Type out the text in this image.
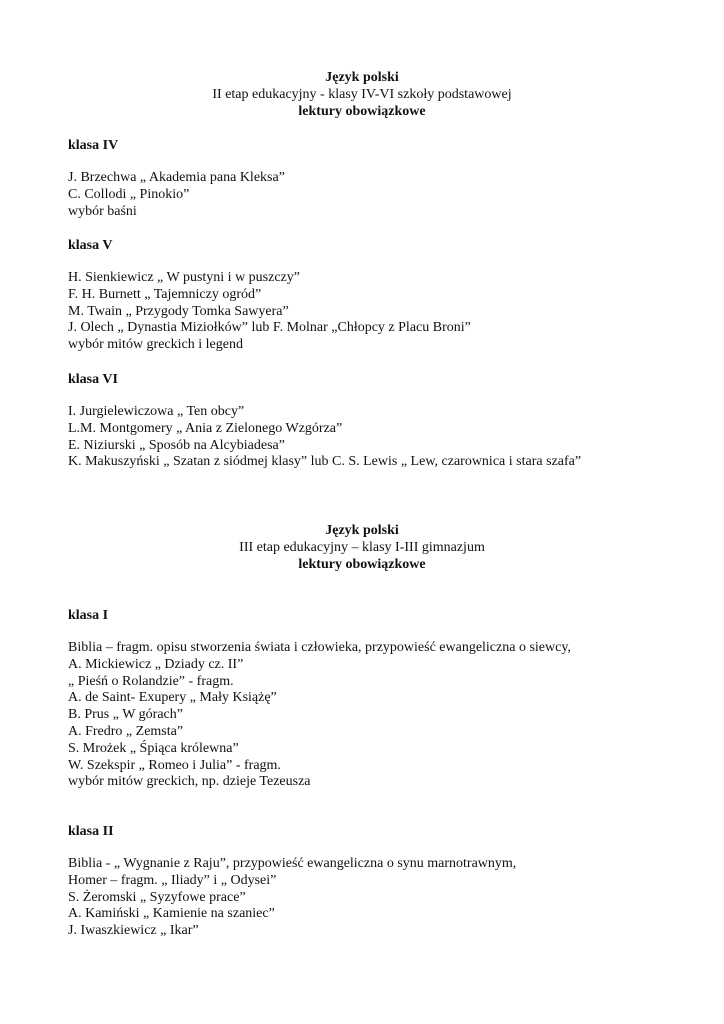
Język polski
II etap edukacyjny - klasy IV-VI szkoły podstawowej
lektury obowiązkowe
klasa IV
J. Brzechwa „ Akademia pana Kleksa”
C. Collodi „ Pinokio”
wybór baśni
klasa V
H. Sienkiewicz „ W pustyni i w puszczy”
F. H. Burnett „ Tajemniczy ogród”
M. Twain „ Przygody Tomka Sawyera”
J. Olech „ Dynastia Miziołków” lub F. Molnar „Chłopcy z Placu Broni”
wybór mitów greckich i legend
klasa VI
I. Jurgielewiczowa „ Ten obcy”
L.M. Montgomery „ Ania z Zielonego Wzgórza”
E. Niziurski „ Sposób na Alcybiadesa”
K. Makuszyński „ Szatan z siódmej klasy” lub C. S. Lewis „ Lew, czarownica i stara szafa”
Język polski
III etap edukacyjny – klasy I-III gimnazjum
lektury obowiązkowe
klasa I
Biblia – fragm. opisu stworzenia świata i człowieka, przypowieść ewangeliczna o siewcy,
A. Mickiewicz „ Dziady cz. II”
„ Pieśń o Rolandzie” - fragm.
A. de Saint- Exupery „ Mały Książę”
B. Prus „ W górach”
A. Fredro „ Zemsta”
S. Mrożek „ Śpiąca królewna”
W. Szekspir „ Romeo i Julia” - fragm.
wybór mitów greckich, np. dzieje Tezeusza
klasa II
Biblia - „ Wygnanie z Raju”, przypowieść ewangeliczna o synu marnotrawnym,
Homer – fragm. „ Iliady” i „ Odysei”
S. Żeromski „ Syzyfowe prace”
A. Kamiński „ Kamienie na szaniec”
J. Iwaszkiewicz „ Ikar”
